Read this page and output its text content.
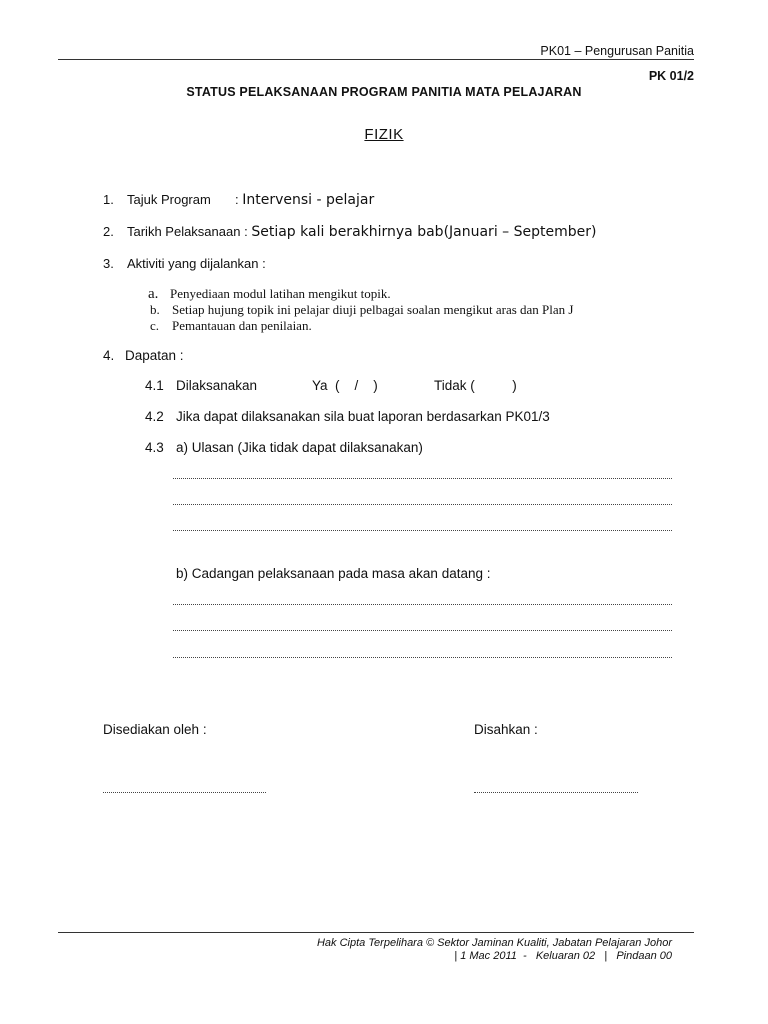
PK01 – Pengurusan Panitia
PK 01/2
STATUS PELAKSANAAN PROGRAM PANITIA MATA PELAJARAN
FIZIK
1. Tajuk Program : Intervensi - pelajar
2. Tarikh Pelaksanaan : Setiap kali berakhirnya bab(Januari – September)
3. Aktiviti yang dijalankan :
a. Penyediaan modul latihan mengikut topik.
b. Setiap hujung topik ini pelajar diuji pelbagai soalan mengikut aras dan Plan J
c. Pemantauan dan penilaian.
4. Dapatan :
4.1 Dilaksanakan	Ya  (    /    )	Tidak (          )
4.2 Jika dapat dilaksanakan sila buat laporan berdasarkan PK01/3
4.3 a) Ulasan (Jika tidak dapat dilaksanakan)
b) Cadangan pelaksanaan pada masa akan datang :
Disediakan oleh :	Disahkan :
Hak Cipta Terpelihara © Sektor Jaminan Kualiti, Jabatan Pelajaran Johor
| 1 Mac 2011  -   Keluaran 02   |   Pindaan 00
